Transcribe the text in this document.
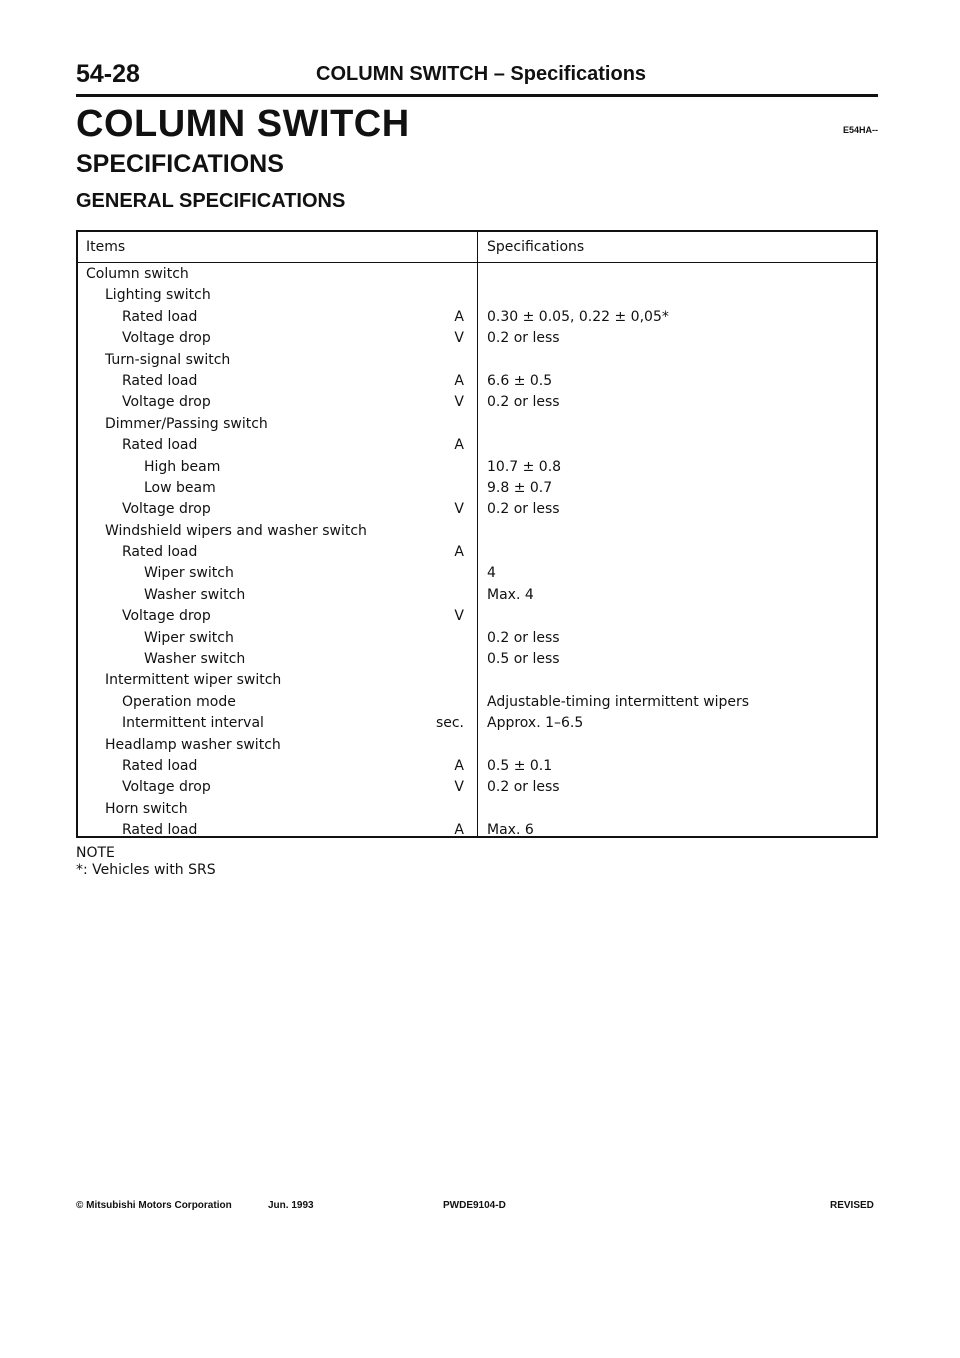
54-28	COLUMN SWITCH – Specifications
COLUMN SWITCH	E54HA--
SPECIFICATIONS
GENERAL SPECIFICATIONS
Items	Specifications
Column switch
Lighting switch
Rated load	A 0.30 ± 0.05, 0.22 ± 0,05*
Voltage drop	V 0.2 or less
Turn-signal switch
Rated load	A 6.6 ± 0.5
Voltage drop	V 0.2 or less
Dimmer/Passing switch
Rated load	A
High beam	10.7 ± 0.8
Low beam	9.8 ± 0.7
Voltage drop	V 0.2 or less
Windshield wipers and washer switch
Rated load	A
Wiper switch	4
Washer switch	Max. 4
Voltage drop	V
Wiper switch	0.2 or less
Washer switch	0.5 or less
Intermittent wiper switch
Operation mode	Adjustable-timing intermittent wipers
Intermittent interval	sec. Approx. 1–6.5
Headlamp washer switch
Rated load	A 0.5 ± 0.1
Voltage drop	V 0.2 or less
Horn switch
Rated load	A Max. 6
NOTE
*: Vehicles with SRS
© Mitsubishi Motors Corporation	Jun. 1993	PWDE9104-D	REVISED
